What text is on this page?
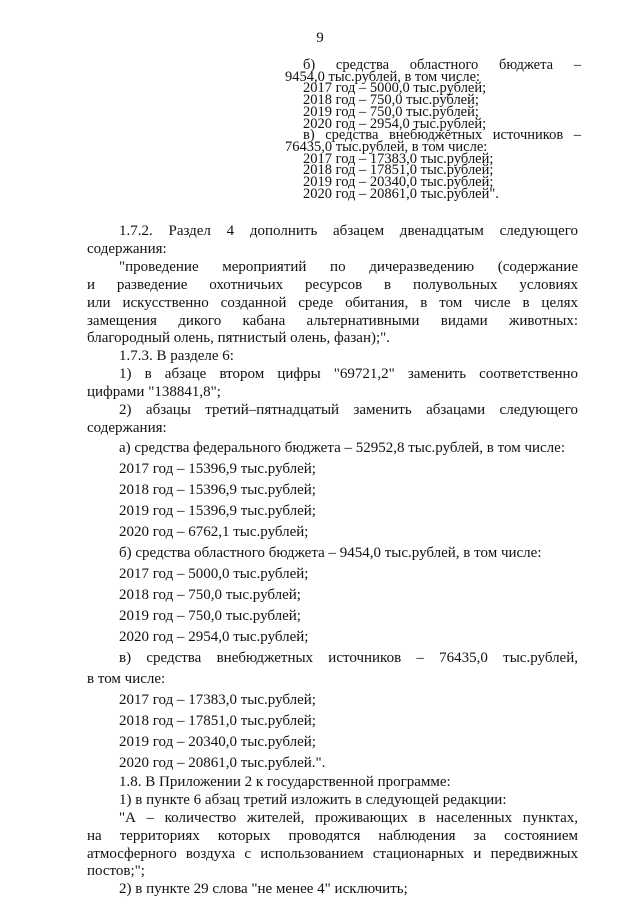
9
б) средства областного бюджета –
9454,0 тыс.рублей, в том числе:
2017 год – 5000,0 тыс.рублей;
2018 год – 750,0 тыс.рублей;
2019 год – 750,0 тыс.рублей;
2020 год – 2954,0 тыс.рублей;
в) средства внебюджетных источников –
76435,0 тыс.рублей, в том числе:
2017 год – 17383,0 тыс.рублей;
2018 год – 17851,0 тыс.рублей;
2019 год – 20340,0 тыс.рублей;
2020 год – 20861,0 тыс.рублей".
1.7.2. Раздел 4 дополнить абзацем двенадцатым следующего
содержания:
"проведение мероприятий по дичеразведению (содержание
и разведение охотничьих ресурсов в полувольных условиях
или искусственно созданной среде обитания, в том числе в целях
замещения дикого кабана альтернативными видами животных:
благородный олень, пятнистый олень, фазан);".
1.7.3. В разделе 6:
1) в абзаце втором цифры "69721,2" заменить соответственно
цифрами "138841,8";
2) абзацы третий–пятнадцатый заменить абзацами следующего
содержания:
а) средства федерального бюджета – 52952,8 тыс.рублей, в том числе:
2017 год – 15396,9 тыс.рублей;
2018 год – 15396,9 тыс.рублей;
2019 год – 15396,9 тыс.рублей;
2020 год – 6762,1 тыс.рублей;
б) средства областного бюджета – 9454,0 тыс.рублей, в том числе:
2017 год – 5000,0 тыс.рублей;
2018 год – 750,0 тыс.рублей;
2019 год – 750,0 тыс.рублей;
2020 год – 2954,0 тыс.рублей;
в) средства внебюджетных источников – 76435,0 тыс.рублей,
в том числе:
2017 год – 17383,0 тыс.рублей;
2018 год – 17851,0 тыс.рублей;
2019 год – 20340,0 тыс.рублей;
2020 год – 20861,0 тыс.рублей.".
1.8. В Приложении 2 к государственной программе:
1) в пункте 6 абзац третий изложить в следующей редакции:
"А – количество жителей, проживающих в населенных пунктах,
на территориях которых проводятся наблюдения за состоянием
атмосферного воздуха с использованием стационарных и передвижных
постов;";
2) в пункте 29 слова "не менее 4" исключить;
